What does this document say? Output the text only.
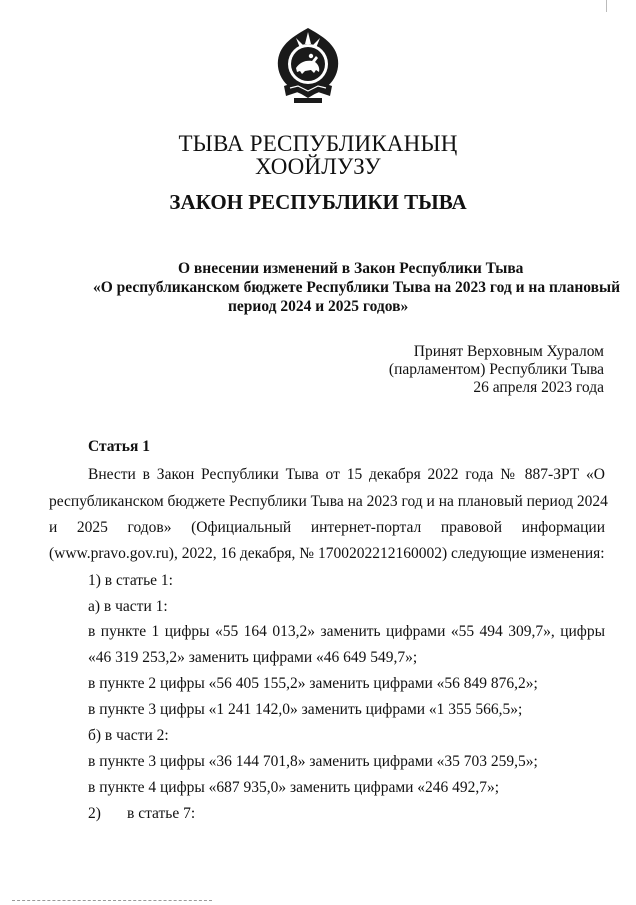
ТЫВА РЕСПУБЛИКАНЫҢ
ХООЙЛУЗУ
ЗАКОН РЕСПУБЛИКИ ТЫВА
О внесении изменений в Закон Республики Тыва
«О республиканском бюджете Республики Тыва на 2023 год и на плановый
период 2024 и 2025 годов»
Принят Верховным Хуралом
(парламентом) Республики Тыва
26 апреля 2023 года
Статья 1
Внести в Закон Республики Тыва от 15 декабря 2022 года № 887-ЗРТ «О
республиканском бюджете Республики Тыва на 2023 год и на плановый период 2024
и 2025 годов» (Официальный интернет-портал правовой информации
(www.pravo.gov.ru), 2022, 16 декабря, № 1700202212160002) следующие изменения:
1) в статье 1:
а) в части 1:
в пункте 1 цифры «55 164 013,2» заменить цифрами «55 494 309,7», цифры
«46 319 253,2» заменить цифрами «46 649 549,7»;
в пункте 2 цифры «56 405 155,2» заменить цифрами «56 849 876,2»;
в пункте 3 цифры «1 241 142,0» заменить цифрами «1 355 566,5»;
б) в части 2:
в пункте 3 цифры «36 144 701,8» заменить цифрами «35 703 259,5»;
в пункте 4 цифры «687 935,0» заменить цифрами «246 492,7»;
2) в статье 7:
